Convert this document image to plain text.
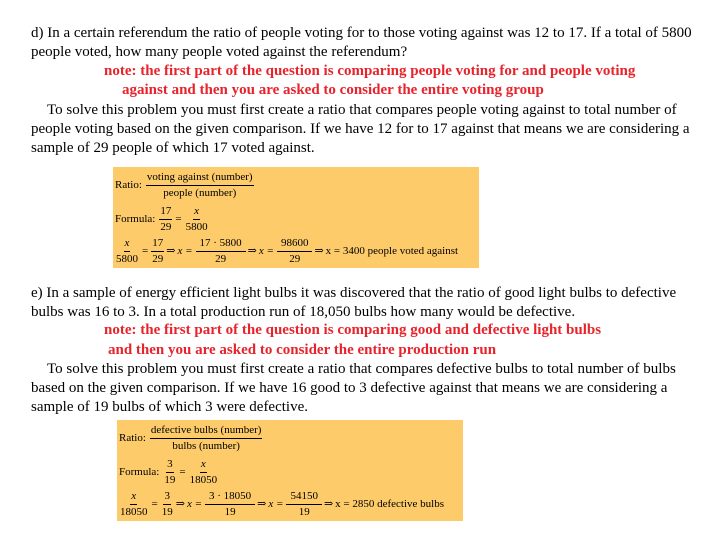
d) In a certain referendum the ratio of people voting for to those voting against was 12 to 17. If a total of 5800 people voted, how many people voted against the referendum?

note: the first part of the question is comparing people voting for and people voting

against and then you are asked to consider the entire voting group

To solve this problem you must first create a ratio that compares people voting against to total number of people voting based on the given comparison. If we have 12 for to 17 against that means we are considering a sample of 29 people of which 17 voted against.

Ratio: $\frac{\text{voting against (number)}}{\text{people (number)}}$
Formula: $\frac{17}{29} = \frac{x}{5800}$
$\frac{x}{5800} = \frac{17}{29}$ ⇒ $x = \frac{17 \cdot 5800}{29}$ ⇒ $x = \frac{98600}{29}$ ⇒ x = 3400 people voted against

e) In a sample of energy efficient light bulbs it was discovered that the ratio of good light bulbs to defective bulbs was 16 to 3. In a total production run of 18,050 bulbs how many would be defective.

note: the first part of the question is comparing good and defective light bulbs

and then you are asked to consider the entire production run

To solve this problem you must first create a ratio that compares defective bulbs to total number of bulbs based on the given comparison. If we have 16 good to 3 defective against that means we are considering a sample of 19 bulbs of which 3 were defective.

Ratio: $\frac{\text{defective bulbs (number)}}{\text{bulbs (number)}}$
Formula: $\frac{3}{19} = \frac{x}{18050}$
$\frac{x}{18050} = \frac{3}{19}$ ⇒ $x = \frac{3 \cdot 18050}{19}$ ⇒ $x = \frac{54150}{19}$ ⇒ x = 2850 defective bulbs
